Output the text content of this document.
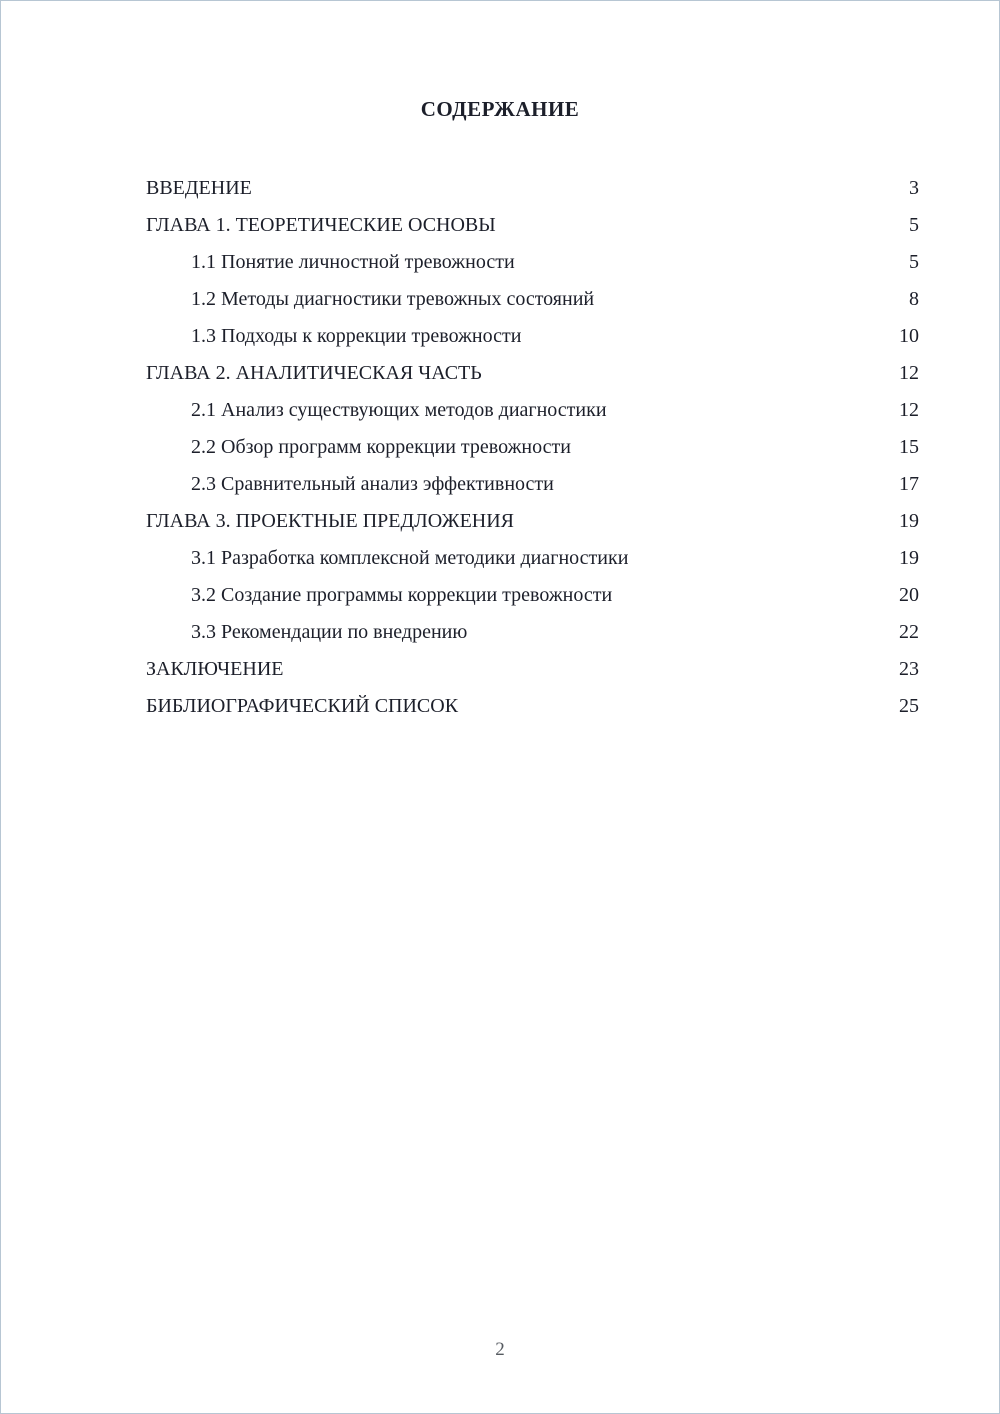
СОДЕРЖАНИЕ
ВВЕДЕНИЕ	3
ГЛАВА 1. ТЕОРЕТИЧЕСКИЕ ОСНОВЫ	5
1.1 Понятие личностной тревожности	5
1.2 Методы диагностики тревожных состояний	8
1.3 Подходы к коррекции тревожности	10
ГЛАВА 2. АНАЛИТИЧЕСКАЯ ЧАСТЬ	12
2.1 Анализ существующих методов диагностики	12
2.2 Обзор программ коррекции тревожности	15
2.3 Сравнительный анализ эффективности	17
ГЛАВА 3. ПРОЕКТНЫЕ ПРЕДЛОЖЕНИЯ	19
3.1 Разработка комплексной методики диагностики	19
3.2 Создание программы коррекции тревожности	20
3.3 Рекомендации по внедрению	22
ЗАКЛЮЧЕНИЕ	23
БИБЛИОГРАФИЧЕСКИЙ СПИСОК	25
2
